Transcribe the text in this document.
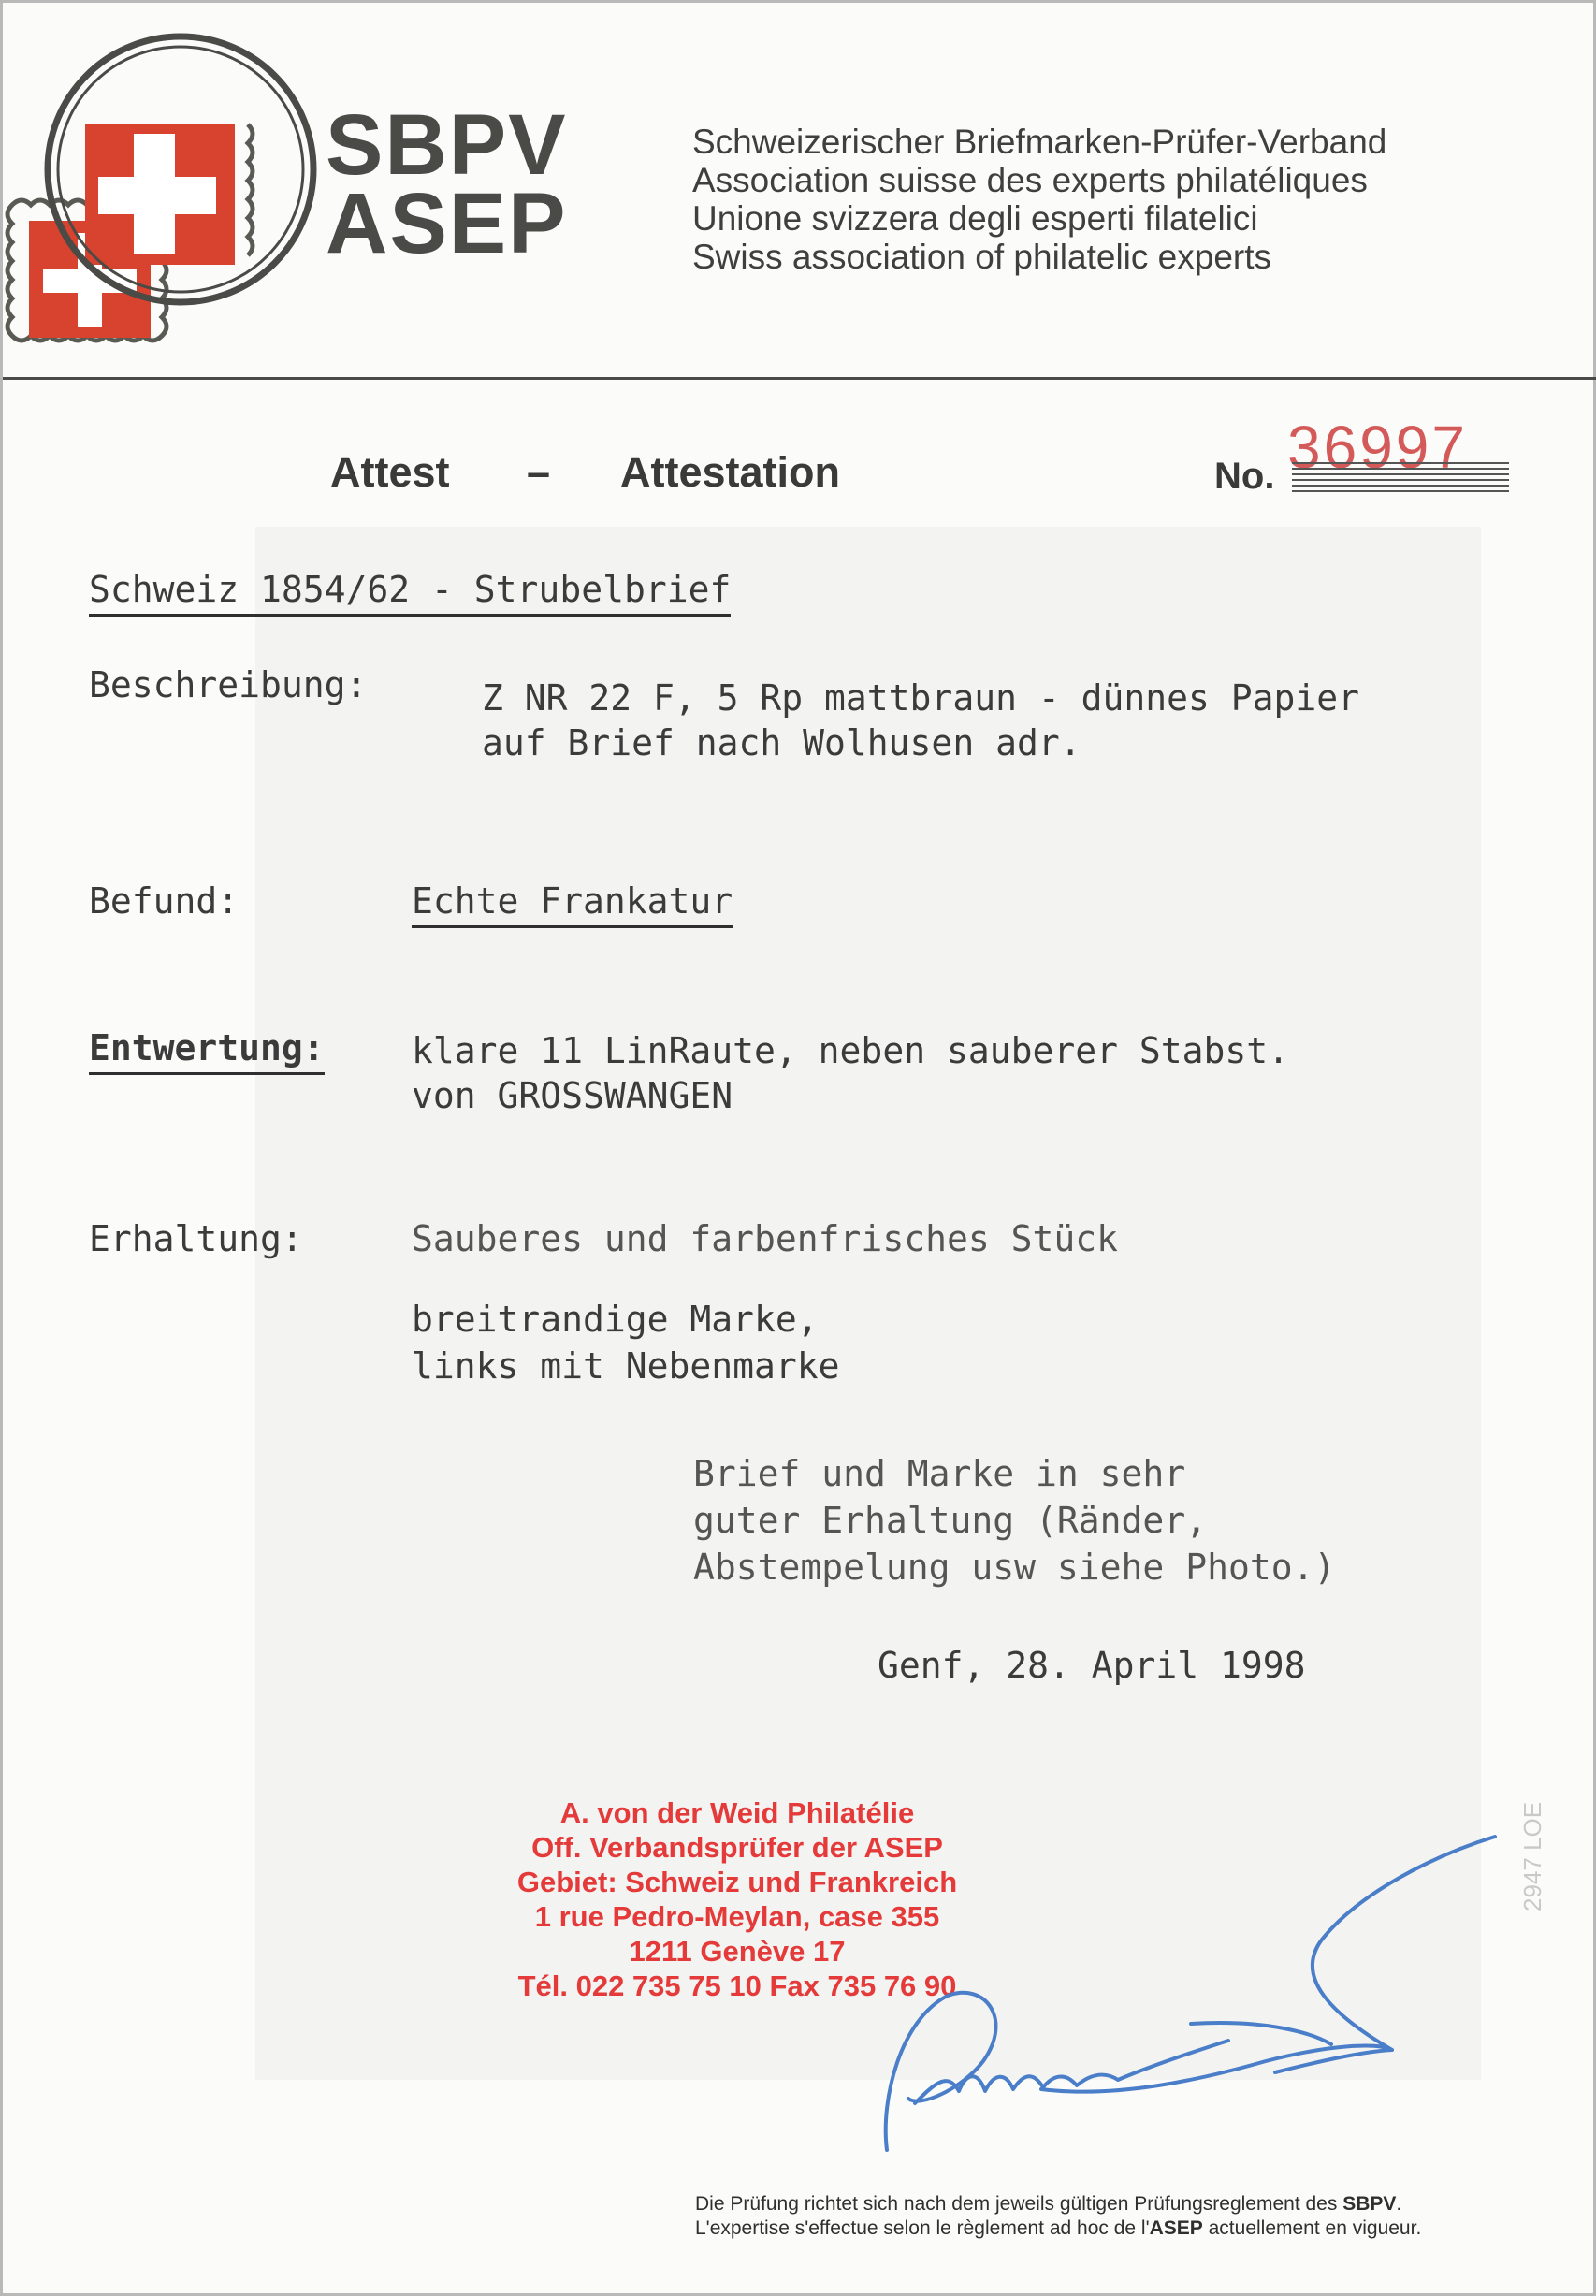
SBPV
ASEP
Schweizerischer Briefmarken-Prüfer-Verband
Association suisse des experts philatéliques
Unione svizzera degli esperti filatelici
Swiss association of philatelic experts
Attest – Attestation	No. 36997
Schweiz 1854/62 - Strubelbrief
Beschreibung:	Z NR 22 F, 5 Rp mattbraun - dünnes Papier
auf Brief nach Wolhusen adr.
Befund:	Echte Frankatur
Entwertung: klare 11 LinRaute, neben sauberer Stabst.
von GROSSWANGEN
Erhaltung:	Sauberes und farbenfrisches Stück
breitrandige Marke,
links mit Nebenmarke
Brief und Marke in sehr
guter Erhaltung (Ränder,
Abstempelung usw siehe Photo.)
Genf, 28. April 1998
A. von der Weid Philatélie
Off. Verbandsprüfer der ASEP
Gebiet: Schweiz und Frankreich
1 rue Pedro-Meylan, case 355
1211 Genève 17
Tél. 022 735 75 10 Fax 735 76 90
2947 LOE
Die Prüfung richtet sich nach dem jeweils gültigen Prüfungsreglement des SBPV.
L'expertise s'effectue selon le règlement ad hoc de l'ASEP actuellement en vigueur.
